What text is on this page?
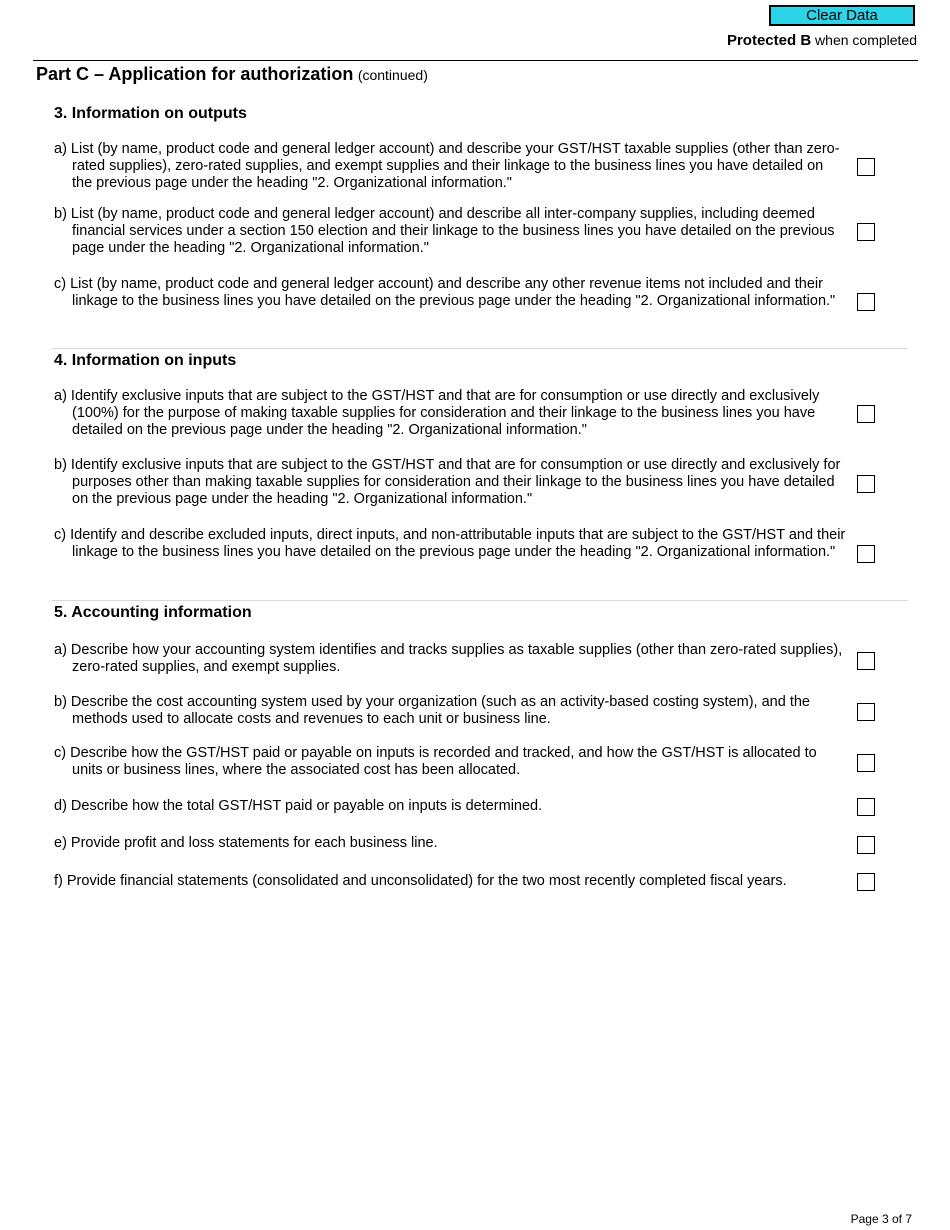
Clear Data
Protected B when completed
Part C – Application for authorization (continued)
3. Information on outputs
a) List (by name, product code and general ledger account) and describe your GST/HST taxable supplies (other than zero-rated supplies), zero-rated supplies, and exempt supplies and their linkage to the business lines you have detailed on the previous page under the heading "2. Organizational information."
b) List (by name, product code and general ledger account) and describe all inter-company supplies, including deemed financial services under a section 150 election and their linkage to the business lines you have detailed on the previous page under the heading "2. Organizational information."
c) List (by name, product code and general ledger account) and describe any other revenue items not included and their linkage to the business lines you have detailed on the previous page under the heading "2. Organizational information."
4. Information on inputs
a) Identify exclusive inputs that are subject to the GST/HST and that are for consumption or use directly and exclusively (100%) for the purpose of making taxable supplies for consideration and their linkage to the business lines you have detailed on the previous page under the heading "2. Organizational information."
b) Identify exclusive inputs that are subject to the GST/HST and that are for consumption or use directly and exclusively for purposes other than making taxable supplies for consideration and their linkage to the business lines you have detailed on the previous page under the heading "2. Organizational information."
c) Identify and describe excluded inputs, direct inputs, and non-attributable inputs that are subject to the GST/HST and their linkage to the business lines you have detailed on the previous page under the heading "2. Organizational information."
5. Accounting information
a) Describe how your accounting system identifies and tracks supplies as taxable supplies (other than zero-rated supplies), zero-rated supplies, and exempt supplies.
b) Describe the cost accounting system used by your organization (such as an activity-based costing system), and the methods used to allocate costs and revenues to each unit or business line.
c) Describe how the GST/HST paid or payable on inputs is recorded and tracked, and how the GST/HST is allocated to units or business lines, where the associated cost has been allocated.
d) Describe how the total GST/HST paid or payable on inputs is determined.
e) Provide profit and loss statements for each business line.
f) Provide financial statements (consolidated and unconsolidated) for the two most recently completed fiscal years.
Page 3 of 7
